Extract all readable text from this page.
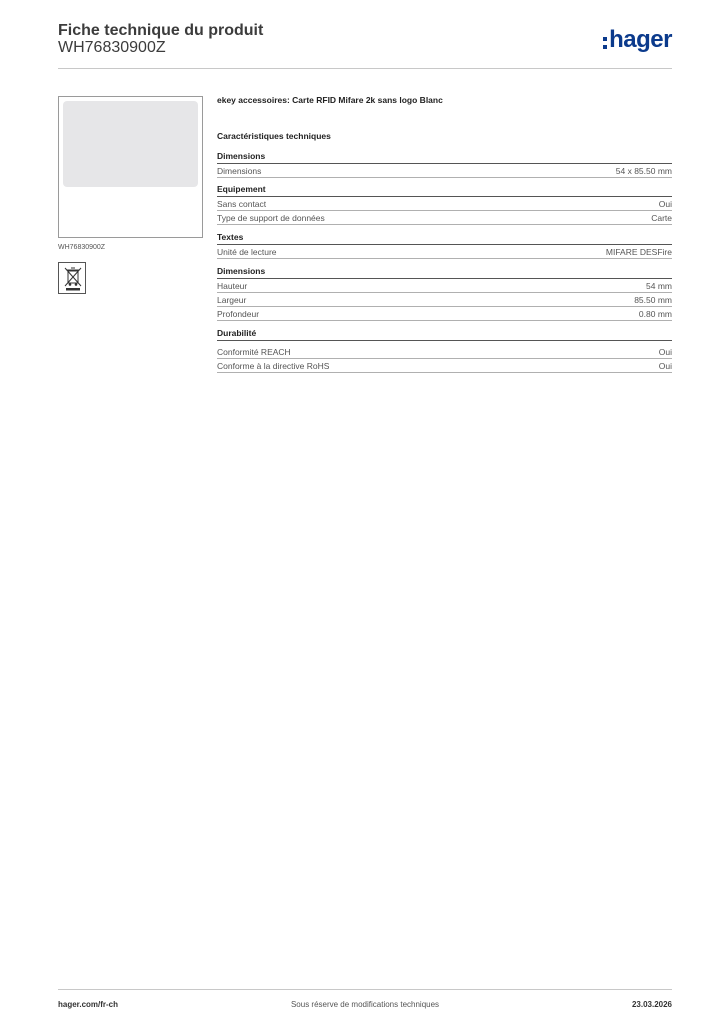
Fiche technique du produit
WH76830900Z	hager
WH76830900Z
ekey accessoires: Carte RFID Mifare 2k sans logo Blanc
Caractéristiques techniques
Dimensions
Dimensions	54 x 85.50 mm
Equipement
Sans contact	Oui
Type de support de données	Carte
Textes
Unité de lecture	MIFARE DESFire
Dimensions
Hauteur	54 mm
Largeur	85.50 mm
Profondeur	0.80 mm
Durabilité
Conformité REACH	Oui
Conforme à la directive RoHS	Oui
hager.com/fr-ch	Sous réserve de modifications techniques	23.03.2026
